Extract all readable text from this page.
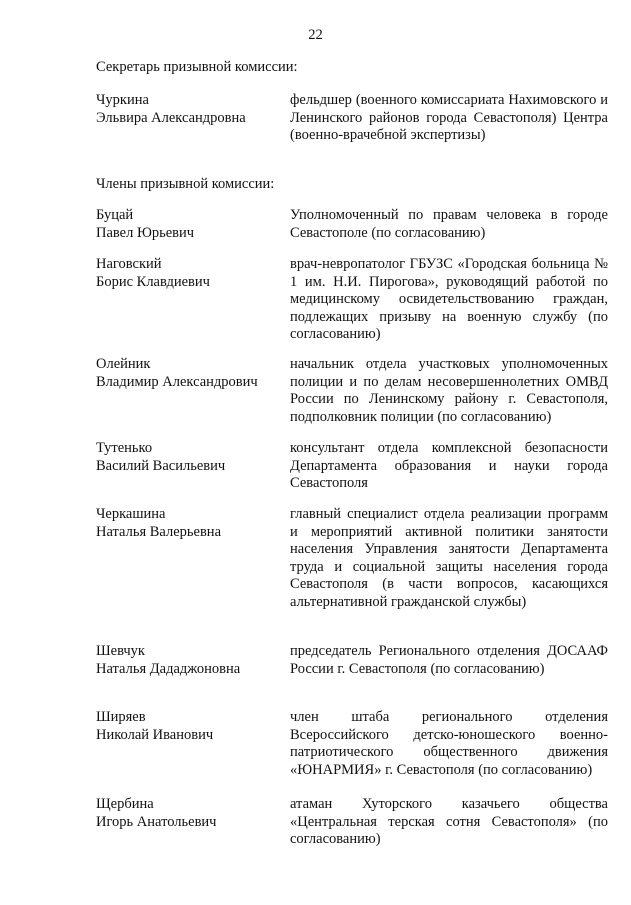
22
Секретарь призывной комиссии:
Чуркина
Эльвира Александровна
фельдшер (военного комиссариата Нахимовского и Ленинского районов города Севастополя) Центра (военно-врачебной экспертизы)
Члены призывной комиссии:
Буцай
Павел Юрьевич
Уполномоченный по правам человека в городе Севастополе (по согласованию)
Наговский
Борис Клавдиевич
врач-невропатолог ГБУЗС «Городская больница № 1 им. Н.И. Пирогова», руководящий работой по медицинскому освидетельствованию граждан, подлежащих призыву на военную службу (по согласованию)
Олейник
Владимир Александрович
начальник отдела участковых уполномоченных полиции и по делам несовершеннолетних ОМВД России по Ленинскому району г. Севастополя, подполковник полиции (по согласованию)
Тутенько
Василий Васильевич
консультант отдела комплексной безопасности Департамента образования и науки города Севастополя
Черкашина
Наталья Валерьевна
главный специалист отдела реализации программ и мероприятий активной политики занятости населения Управления занятости Департамента труда и социальной защиты населения города Севастополя (в части вопросов, касающихся альтернативной гражданской службы)
Шевчук
Наталья Дададжоновна
председатель Регионального отделения ДОСААФ России г. Севастополя (по согласованию)
Ширяев
Николай Иванович
член штаба регионального отделения Всероссийского детско-юношеского военно-патриотического общественного движения «ЮНАРМИЯ» г. Севастополя (по согласованию)
Щербина
Игорь Анатольевич
атаман Хуторского казачьего общества «Центральная терская сотня Севастополя» (по согласованию)
